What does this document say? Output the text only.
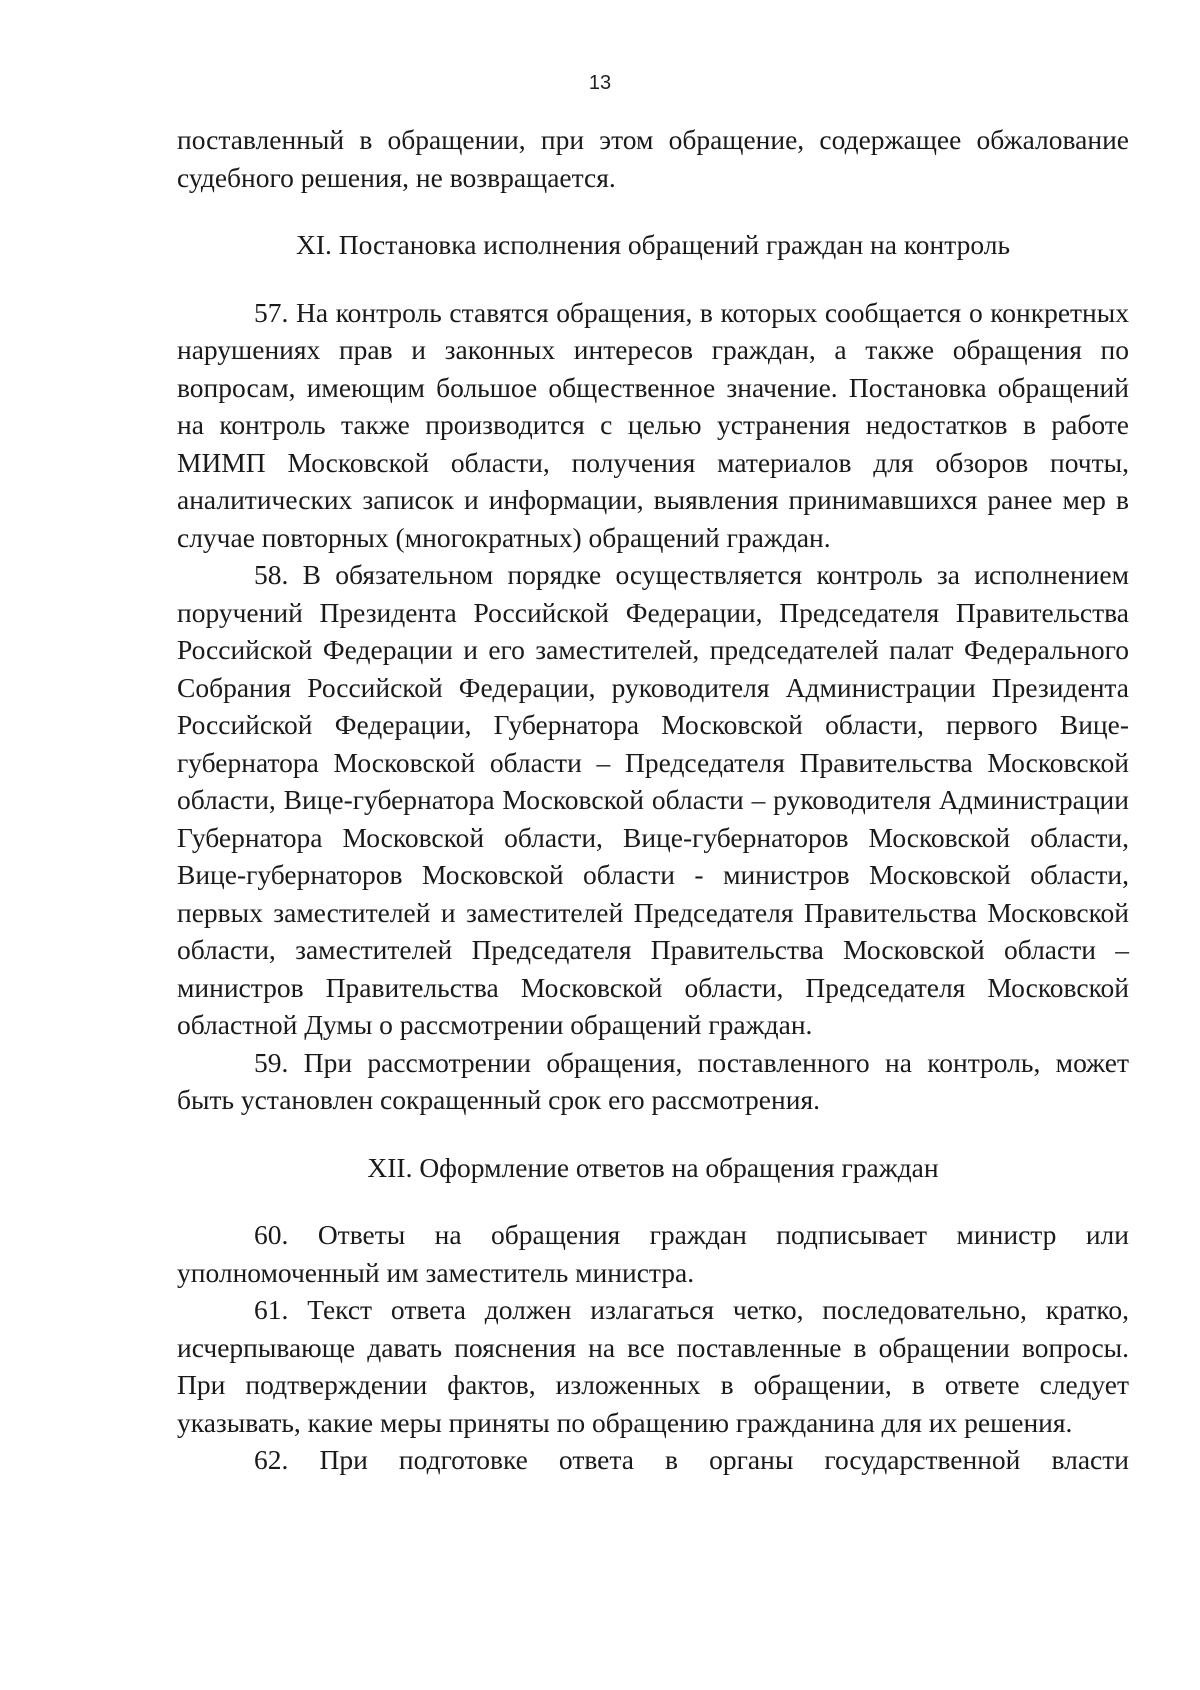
13

поставленный в обращении, при этом обращение, содержащее обжалование судебного решения, не возвращается.

XI. Постановка исполнения обращений граждан на контроль

57. На контроль ставятся обращения, в которых сообщается о конкретных нарушениях прав и законных интересов граждан, а также обращения по вопросам, имеющим большое общественное значение. Постановка обращений на контроль также производится с целью устранения недостатков в работе МИМП Московской области, получения материалов для обзоров почты, аналитических записок и информации, выявления принимавшихся ранее мер в случае повторных (многократных) обращений граждан.

58. В обязательном порядке осуществляется контроль за исполнением поручений Президента Российской Федерации, Председателя Правительства Российской Федерации и его заместителей, председателей палат Федерального Собрания Российской Федерации, руководителя Администрации Президента Российской Федерации, Губернатора Московской области, первого Вице-губернатора Московской области – Председателя Правительства Московской области, Вице-губернатора Московской области – руководителя Администрации Губернатора Московской области, Вице-губернаторов Московской области, Вице-губернаторов Московской области - министров Московской области, первых заместителей и заместителей Председателя Правительства Московской области, заместителей Председателя Правительства Московской области – министров Правительства Московской области, Председателя Московской областной Думы о рассмотрении обращений граждан.

59. При рассмотрении обращения, поставленного на контроль, может быть установлен сокращенный срок его рассмотрения.

XII. Оформление ответов на обращения граждан

60. Ответы на обращения граждан подписывает министр или уполномоченный им заместитель министра.

61. Текст ответа должен излагаться четко, последовательно, кратко, исчерпывающе давать пояснения на все поставленные в обращении вопросы. При подтверждении фактов, изложенных в обращении, в ответе следует указывать, какие меры приняты по обращению гражданина для их решения.

62. При подготовке ответа в органы государственной власти
